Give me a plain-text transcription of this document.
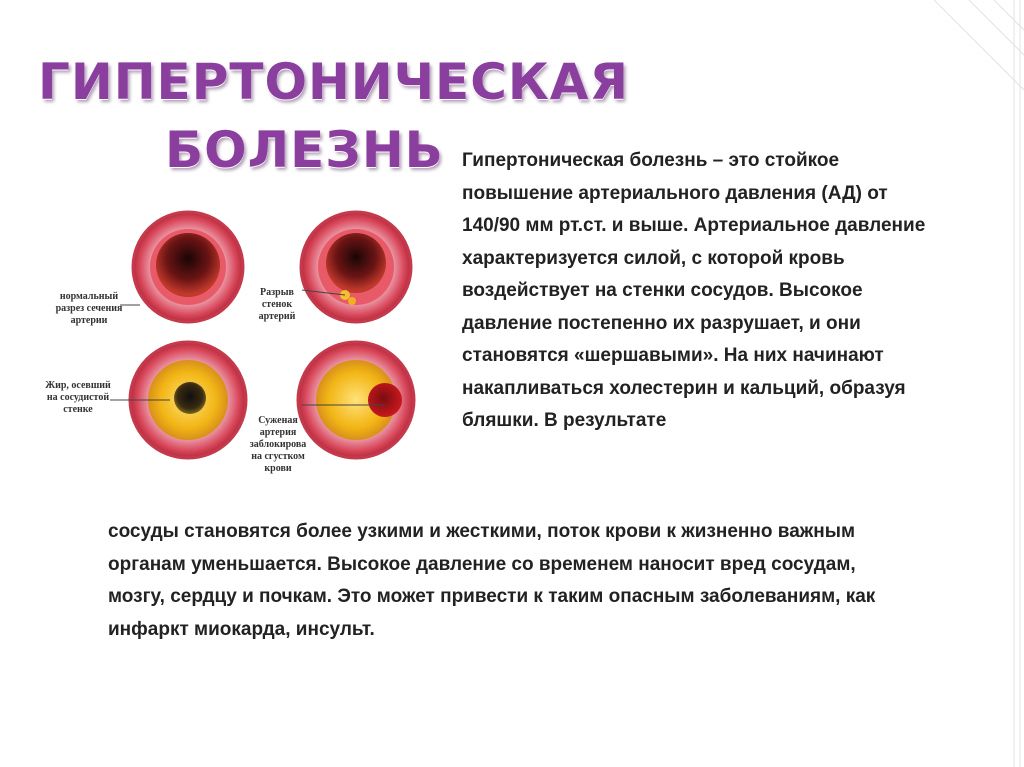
ГИПЕРТОНИЧЕСКАЯ
БОЛЕЗНЬ
нормальный разрез сечения артерии
Разрыв стенок артерий
Жир, осевший на сосудистой стенке
Суженая артерия заблокирова на сгустком крови

Гипертоническая болезнь – это стойкое повышение артериального давления (АД) от 140/90 мм рт.ст. и выше. Артериальное давление характеризуется силой, с которой кровь воздействует на стенки сосудов. Высокое давление постепенно их разрушает, и они становятся «шершавыми». На них начинают накапливаться холестерин и кальций, образуя бляшки. В результате

сосуды становятся более узкими и жесткими, поток крови к жизненно важным органам уменьшается. Высокое давление со временем наносит вред сосудам, мозгу, сердцу и почкам. Это может привести к таким опасным заболеваниям, как инфаркт миокарда, инсульт.
